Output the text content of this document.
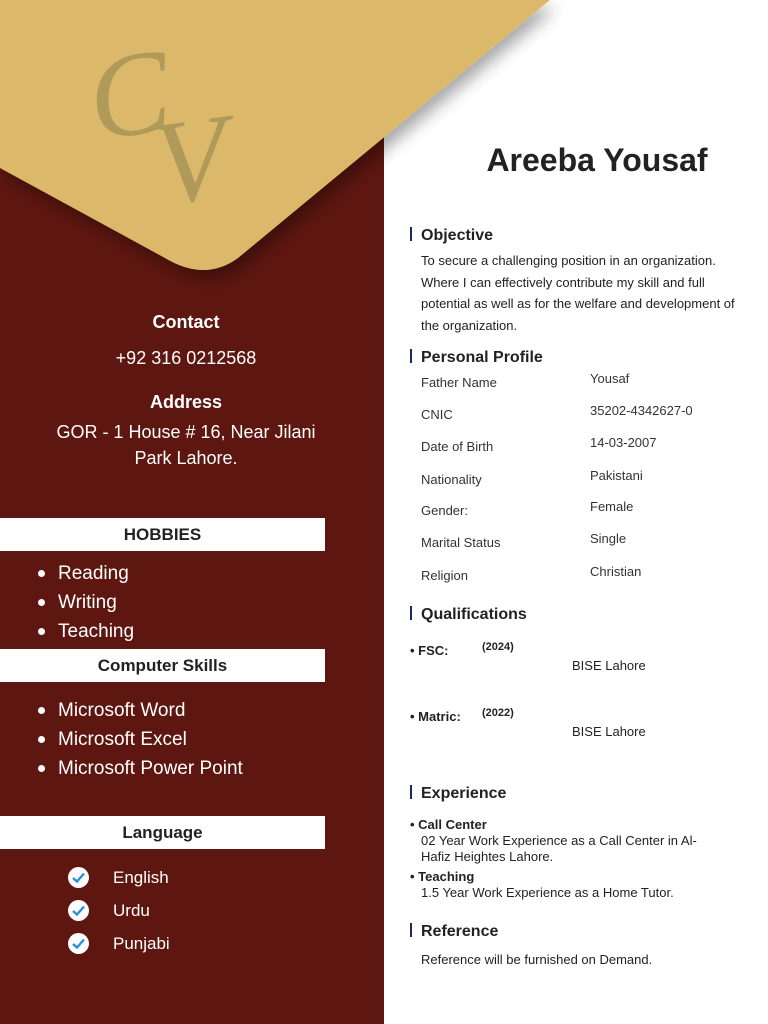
C
V
Contact
+92 316 0212568
Address
GOR - 1 House # 16, Near Jilani Park Lahore.
HOBBIES
Reading
Writing
Teaching
Computer Skills
Microsoft Word
Microsoft Excel
Microsoft Power Point
Language
English
Urdu
Punjabi
Areeba Yousaf
Objective
To secure a challenging position in an organization. Where I can effectively contribute my skill and full potential as well as for the welfare and development of the organization.
Personal Profile
Father Name	Yousaf
CNIC	35202-4342627-0
Date of Birth	14-03-2007
Nationality	Pakistani
Gender:	Female
Marital Status	Single
Religion	Christian
Qualifications
• FSC:	(2024)
BISE Lahore
• Matric: (2022)
BISE Lahore
Experience
• Call Center
02 Year Work Experience as a Call Center in Al-Hafiz Heightes Lahore.
• Teaching
1.5 Year Work Experience as a Home Tutor.
Reference
Reference will be furnished on Demand.
